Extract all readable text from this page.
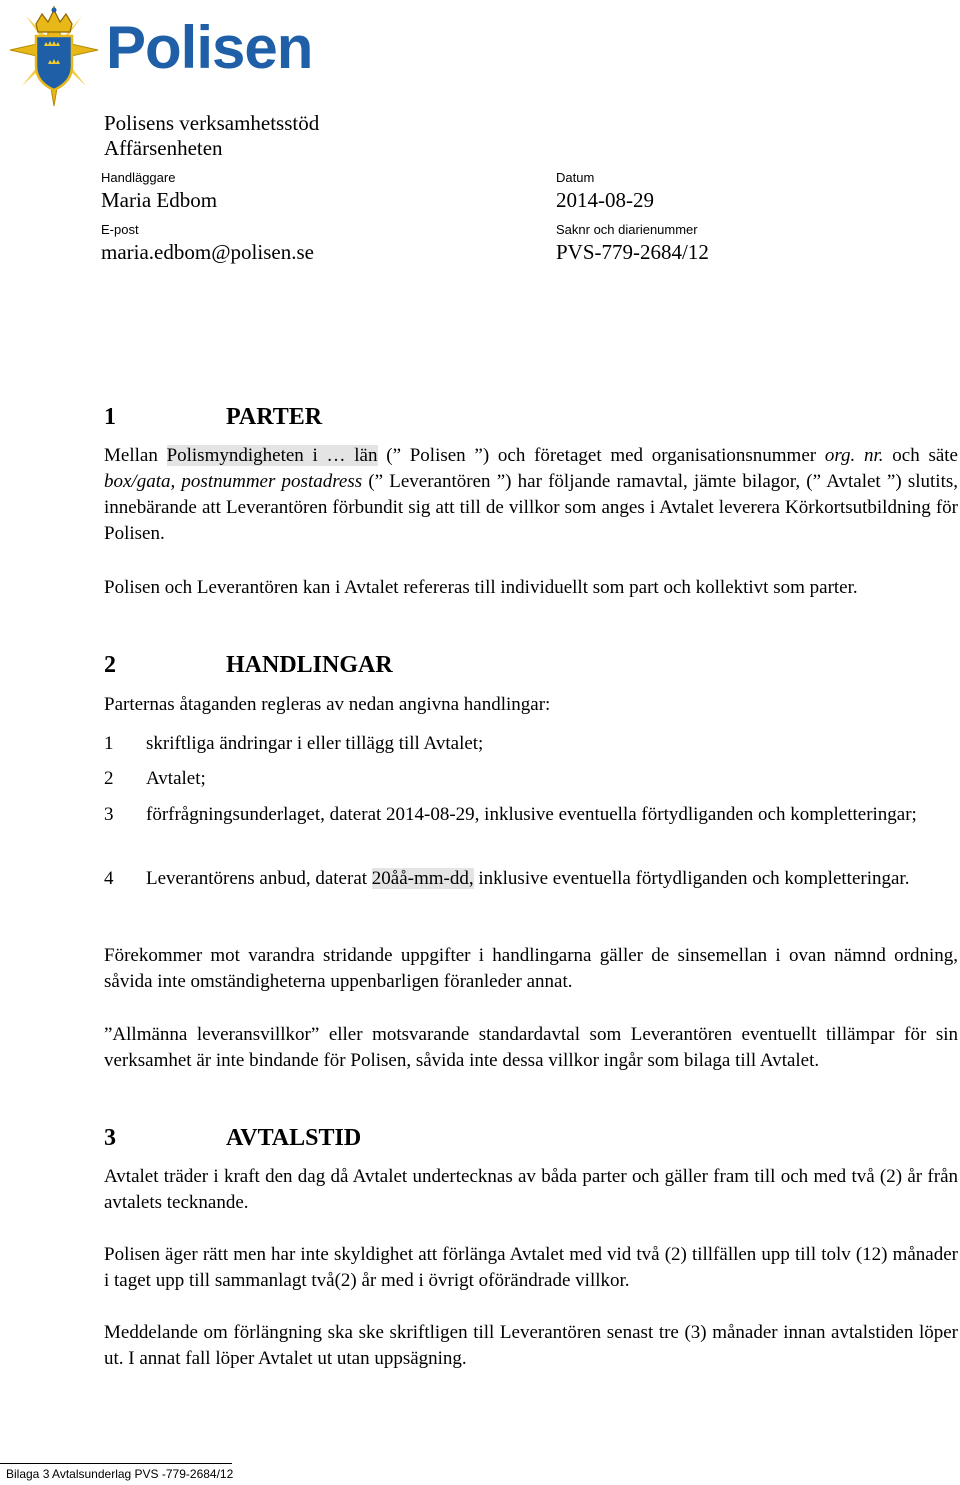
Polisen
Polisens verksamhetsstöd
Affärsenheten
Handläggare
Maria Edbom
E-post
maria.edbom@polisen.se
Datum
2014-08-29
Saknr och diarienummer
PVS-779-2684/12
1	PARTER

Mellan Polismyndigheten i … län (” Polisen ”) och företaget med organisationsnummer org. nr. och säte box/gata, postnummer postadress (” Leverantören ”) har följande ramavtal, jämte bilagor, (” Avtalet ”) slutits, innebärande att Leverantören förbundit sig att till de villkor som anges i Avtalet leverera Körkortsutbildning för Polisen.

Polisen och Leverantören kan i Avtalet refereras till individuellt som part och kollektivt som parter.

2	HANDLINGAR

Parternas åtaganden regleras av nedan angivna handlingar:

1 skriftliga ändringar i eller tillägg till Avtalet;
2 Avtalet;
3 förfrågningsunderlaget, daterat 2014-08-29, inklusive eventuella förtydliganden och kompletteringar;
4 Leverantörens anbud, daterat 20åå-mm-dd, inklusive eventuella förtydliganden och kompletteringar.

Förekommer mot varandra stridande uppgifter i handlingarna gäller de sinsemellan i ovan nämnd ordning, såvida inte omständigheterna uppenbarligen föranleder annat.

”Allmänna leveransvillkor” eller motsvarande standardavtal som Leverantören eventuellt tillämpar för sin verksamhet är inte bindande för Polisen, såvida inte dessa villkor ingår som bilaga till Avtalet.

3	AVTALSTID

Avtalet träder i kraft den dag då Avtalet undertecknas av båda parter och gäller fram till och med två (2) år från avtalets tecknande.

Polisen äger rätt men har inte skyldighet att förlänga Avtalet med vid två (2) tillfällen upp till tolv (12) månader i taget upp till sammanlagt två(2) år med i övrigt oförändrade villkor.

Meddelande om förlängning ska ske skriftligen till Leverantören senast tre (3) månader innan avtalstiden löper ut. I annat fall löper Avtalet ut utan uppsägning.

Bilaga 3 Avtalsunderlag PVS -779-2684/12
